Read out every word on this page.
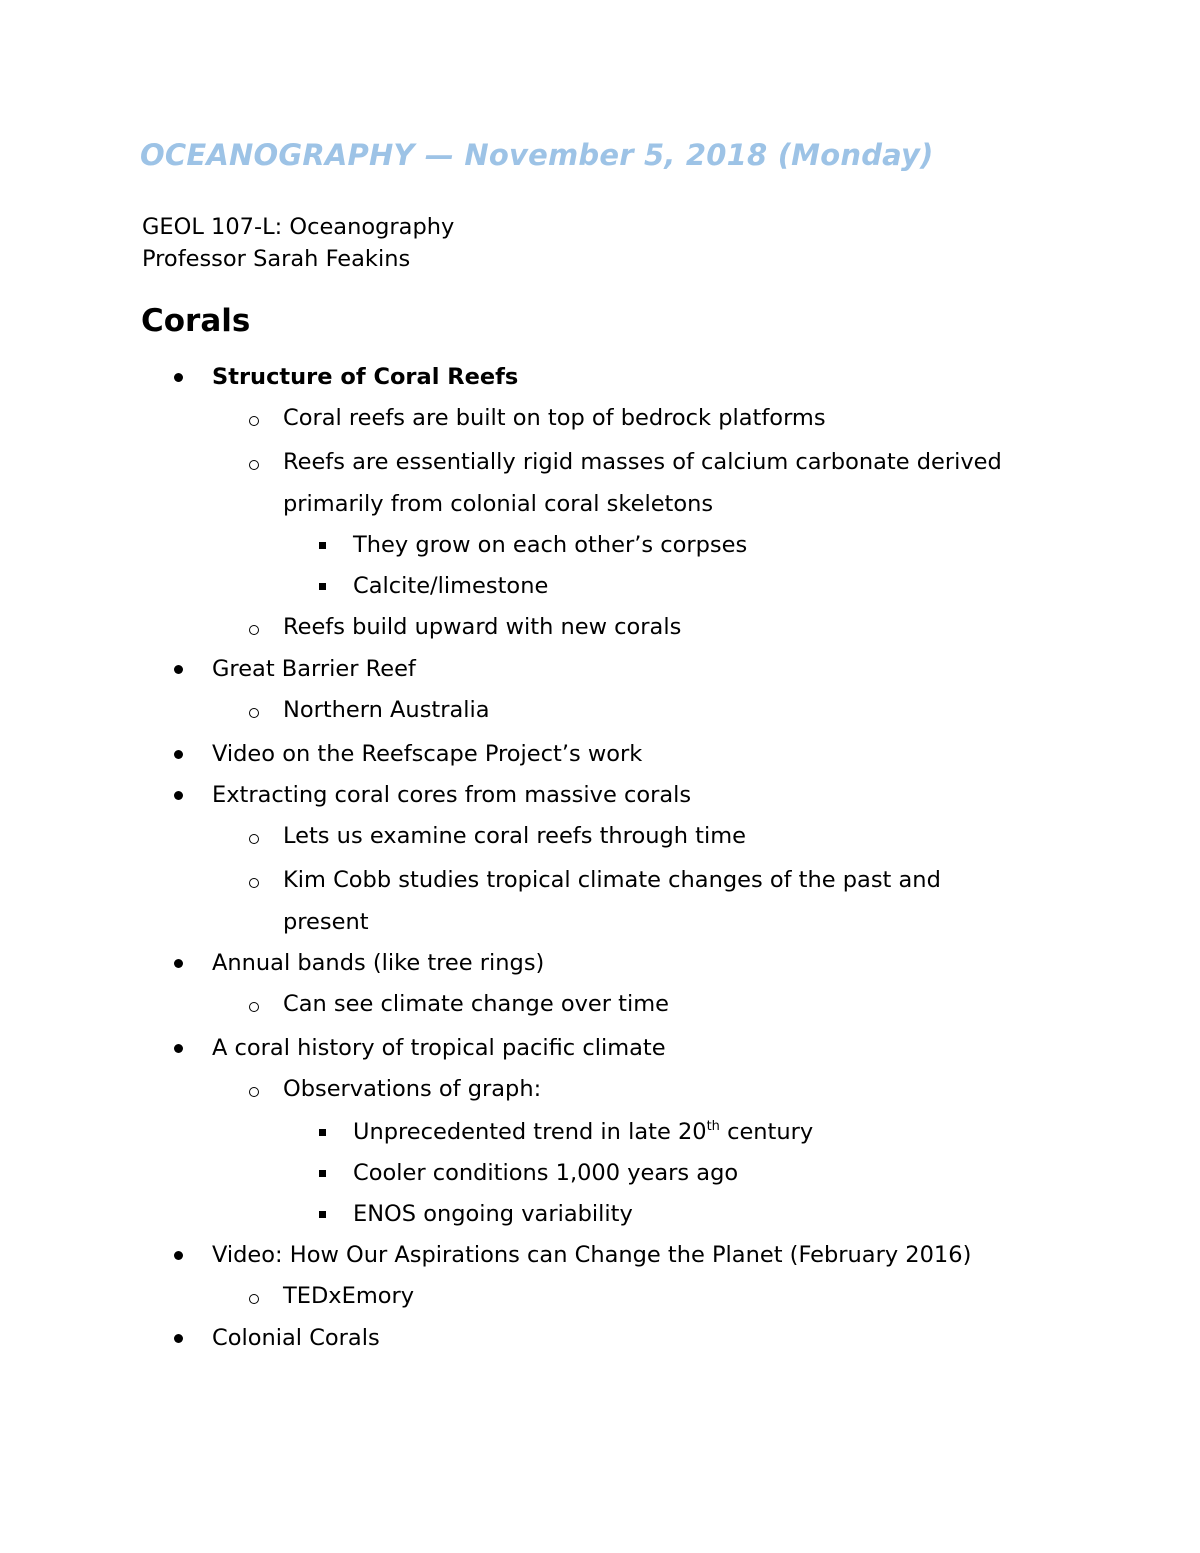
OCEANOGRAPHY — November 5, 2018 (Monday)
GEOL 107-L: Oceanography
Professor Sarah Feakins
Corals
Structure of Coral Reefs
Coral reefs are built on top of bedrock platforms
Reefs are essentially rigid masses of calcium carbonate derived
primarily from colonial coral skeletons
They grow on each other’s corpses
Calcite/limestone
Reefs build upward with new corals
Great Barrier Reef
Northern Australia
Video on the Reefscape Project’s work
Extracting coral cores from massive corals
Lets us examine coral reefs through time
Kim Cobb studies tropical climate changes of the past and
present
Annual bands (like tree rings)
Can see climate change over time
A coral history of tropical pacific climate
Observations of graph:
Unprecedented trend in late 20th century
Cooler conditions 1,000 years ago
ENOS ongoing variability
Video: How Our Aspirations can Change the Planet (February 2016)
TEDxEmory
Colonial Corals
